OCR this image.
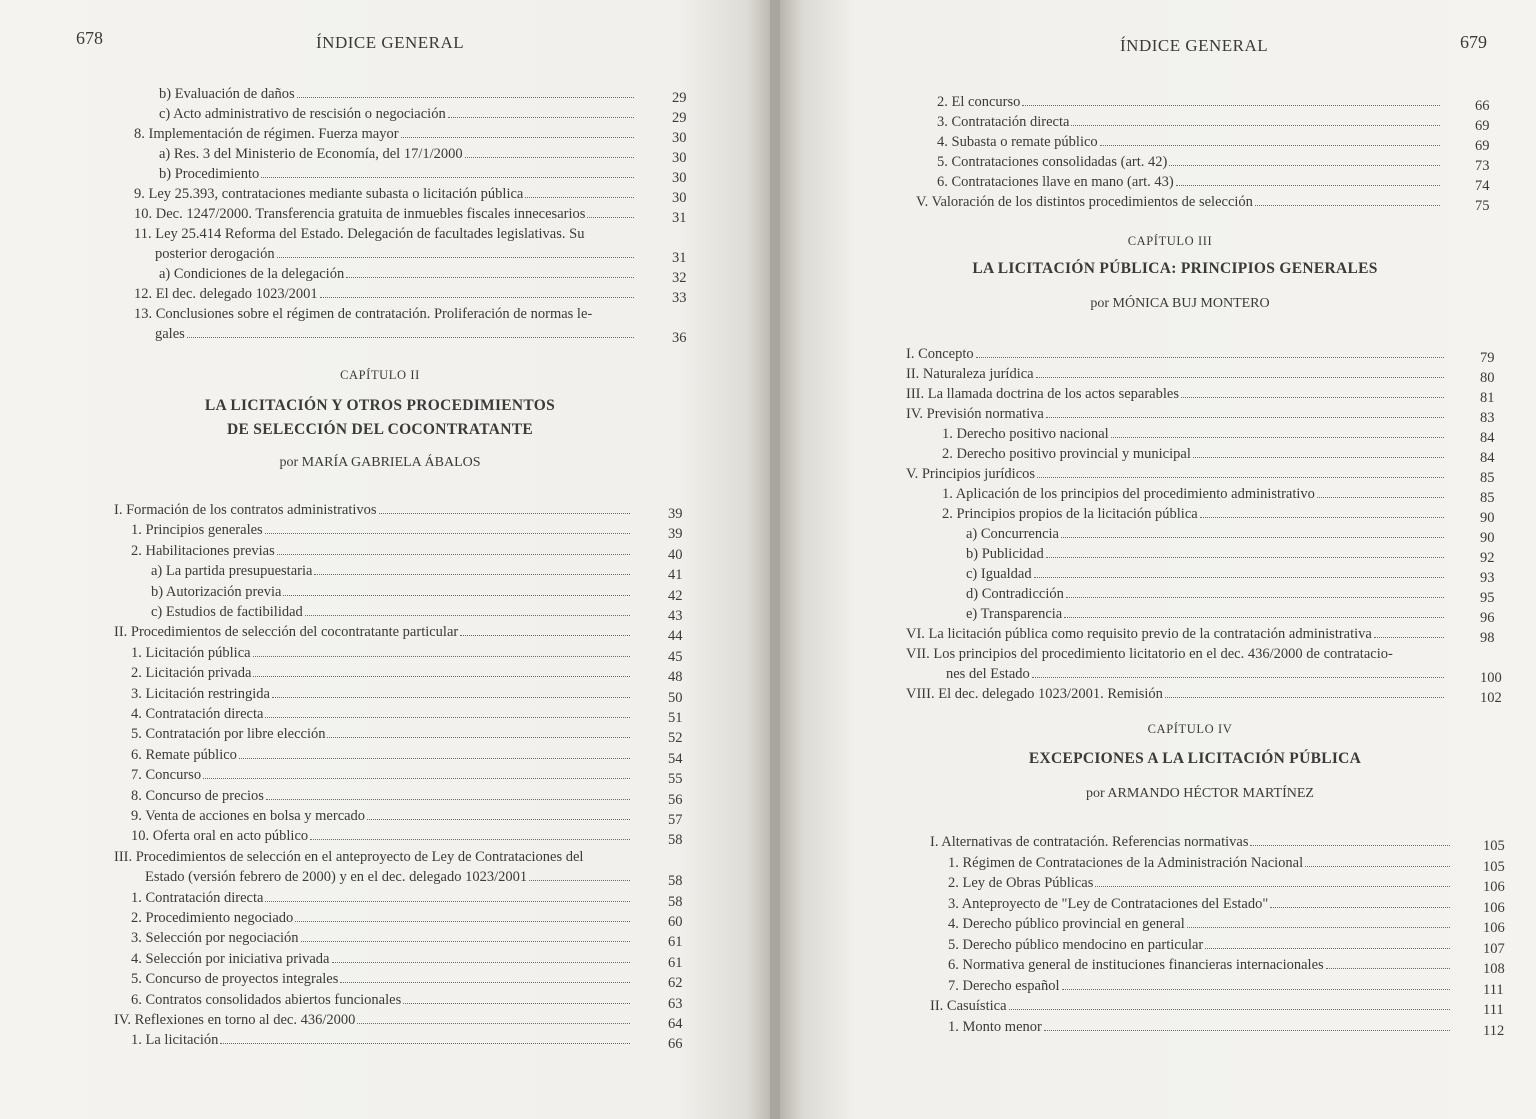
678	ÍNDICE GENERAL
29
b) Evaluación de daños
29
c) Acto administrativo de rescisión o negociación
30
8. Implementación de régimen. Fuerza mayor
30
a) Res. 3 del Ministerio de Economía, del 17/1/2000
30
b) Procedimiento
30
9. Ley 25.393, contrataciones mediante subasta o licitación pública
31
10. Dec. 1247/2000. Transferencia gratuita de inmuebles fiscales innecesarios
11. Ley 25.414 Reforma del Estado. Delegación de facultades legislativas. Su
31
posterior derogación
32
a) Condiciones de la delegación
33
12. El dec. delegado 1023/2001
13. Conclusiones sobre el régimen de contratación. Proliferación de normas le-
36
gales
CAPÍTULO II
LA LICITACIÓN Y OTROS PROCEDIMIENTOS
DE SELECCIÓN DEL COCONTRATANTE
por MARÍA GABRIELA ÁBALOS
39
I. Formación de los contratos administrativos
39
1. Principios generales
40
2. Habilitaciones previas
41
a) La partida presupuestaria
42
b) Autorización previa
43
c) Estudios de factibilidad
44
II. Procedimientos de selección del cocontratante particular
45
1. Licitación pública
48
2. Licitación privada
50
3. Licitación restringida
51
4. Contratación directa
52
5. Contratación por libre elección
54
6. Remate público
55
7. Concurso
56
8. Concurso de precios
57
9. Venta de acciones en bolsa y mercado
58
10. Oferta oral en acto público
III. Procedimientos de selección en el anteproyecto de Ley de Contrataciones del
58
Estado (versión febrero de 2000) y en el dec. delegado 1023/2001
58
1. Contratación directa
60
2. Procedimiento negociado
61
3. Selección por negociación
61
4. Selección por iniciativa privada
62
5. Concurso de proyectos integrales
63
6. Contratos consolidados abiertos funcionales
64
IV. Reflexiones en torno al dec. 436/2000
66
1. La licitación
ÍNDICE GENERAL	679
66
2. El concurso
69
3. Contratación directa
69
4. Subasta o remate público
73
5. Contrataciones consolidadas (art. 42)
74
6. Contrataciones llave en mano (art. 43)
75
V. Valoración de los distintos procedimientos de selección
CAPÍTULO III
LA LICITACIÓN PÚBLICA: PRINCIPIOS GENERALES
por MÓNICA BUJ MONTERO
79
I. Concepto
80
II. Naturaleza jurídica
81
III. La llamada doctrina de los actos separables
83
IV. Previsión normativa
84
1. Derecho positivo nacional
84
2. Derecho positivo provincial y municipal
85
V. Principios jurídicos
85
1. Aplicación de los principios del procedimiento administrativo
90
2. Principios propios de la licitación pública
90
a) Concurrencia
92
b) Publicidad
93
c) Igualdad
95
d) Contradicción
96
e) Transparencia
98
VI. La licitación pública como requisito previo de la contratación administrativa
VII. Los principios del procedimiento licitatorio en el dec. 436/2000 de contratacio-
100
nes del Estado
102
VIII. El dec. delegado 1023/2001. Remisión
CAPÍTULO IV
EXCEPCIONES A LA LICITACIÓN PÚBLICA
por ARMANDO HÉCTOR MARTÍNEZ
105
I. Alternativas de contratación. Referencias normativas
105
1. Régimen de Contrataciones de la Administración Nacional
106
2. Ley de Obras Públicas
106
3. Anteproyecto de "Ley de Contrataciones del Estado"
106
4. Derecho público provincial en general
107
5. Derecho público mendocino en particular
108
6. Normativa general de instituciones financieras internacionales
111
7. Derecho español
111
II. Casuística
112
1. Monto menor
